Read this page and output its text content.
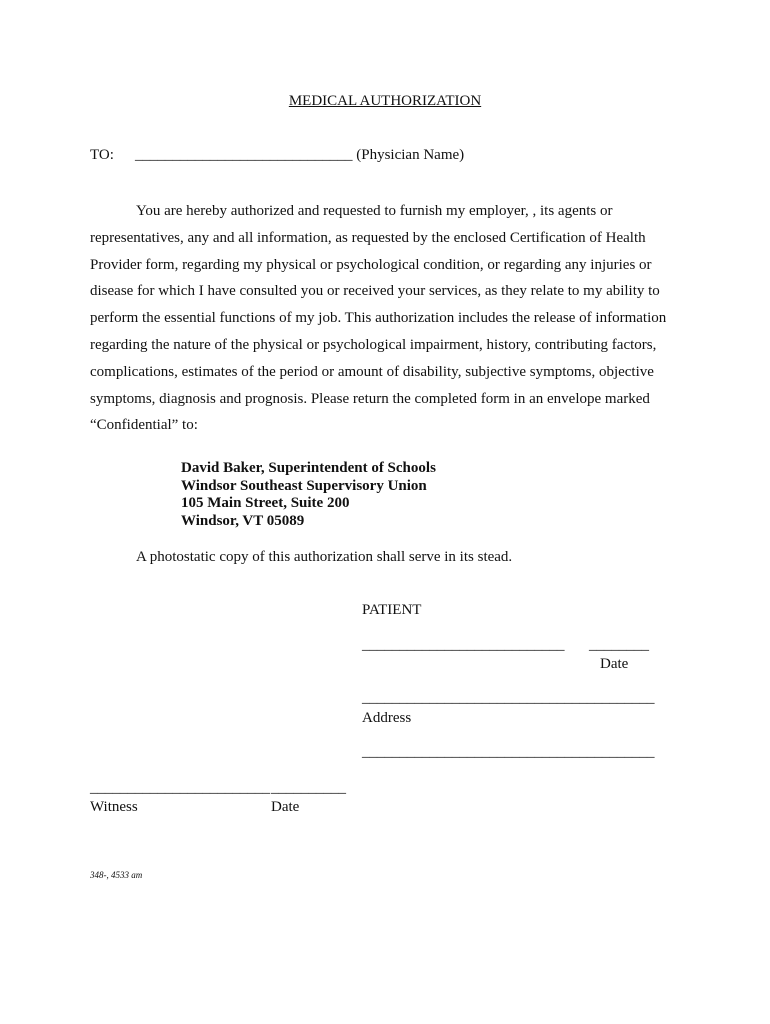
MEDICAL AUTHORIZATION
TO: _____________________________ (Physician Name)
You are hereby authorized and requested to furnish my employer, , its agents or
representatives, any and all information, as requested by the enclosed Certification of Health
Provider form, regarding my physical or psychological condition, or regarding any injuries or
disease for which I have consulted you or received your services, as they relate to my ability to
perform the essential functions of my job. This authorization includes the release of information
regarding the nature of the physical or psychological impairment, history, contributing factors,
complications, estimates of the period or amount of disability, subjective symptoms, objective
symptoms, diagnosis and prognosis. Please return the completed form in an envelope marked
“Confidential” to:
David Baker, Superintendent of Schools
Windsor Southeast Supervisory Union
105 Main Street, Suite 200
Windsor, VT 05089
A photostatic copy of this authorization shall serve in its stead.
PATIENT
___________________________ ________
Date
_______________________________________
Address
_______________________________________
________________________ __________
Witness	Date
348-, 4533 am
